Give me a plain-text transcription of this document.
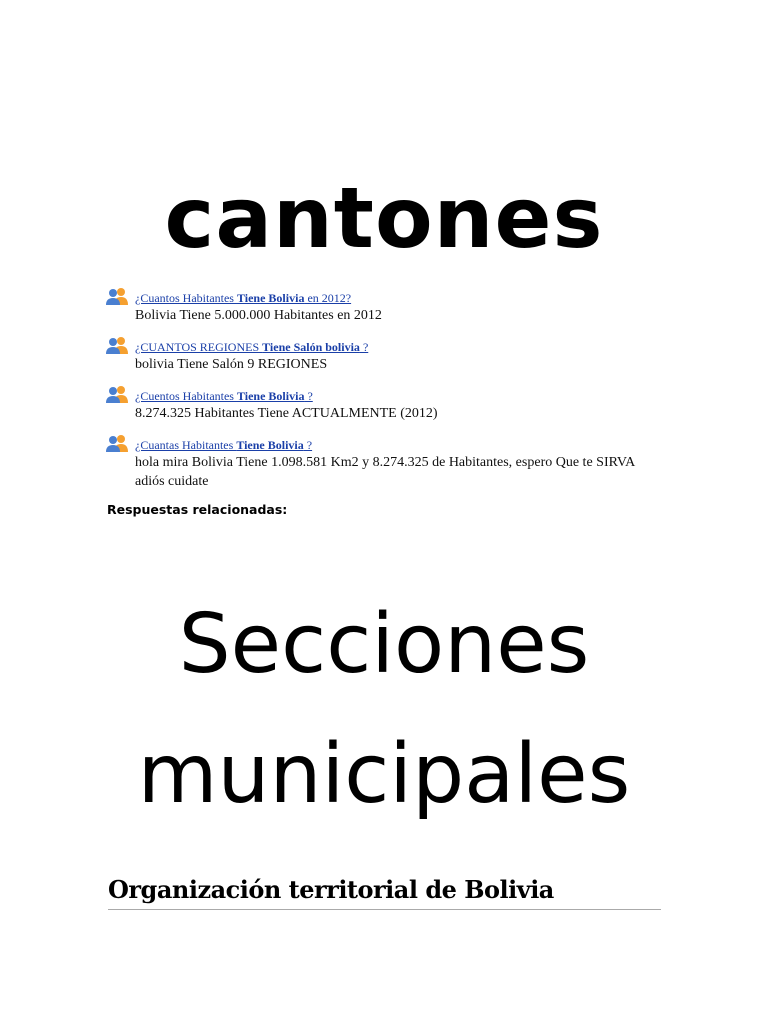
cantones
¿Cuantos Habitantes Tiene Bolivia en 2012?
Bolivia Tiene 5.000.000 Habitantes en 2012
¿CUANTOS REGIONES Tiene Salón bolivia ?
bolivia Tiene Salón 9 REGIONES
¿Cuentos Habitantes Tiene Bolivia ?
8.274.325 Habitantes Tiene ACTUALMENTE (2012)
¿Cuantas Habitantes Tiene Bolivia ?
hola mira Bolivia Tiene 1.098.581 Km2 y 8.274.325 de Habitantes, espero Que te SIRVA adiós cuidate

Respuestas relacionadas:

Secciones
municipales
Organización territorial de Bolivia
